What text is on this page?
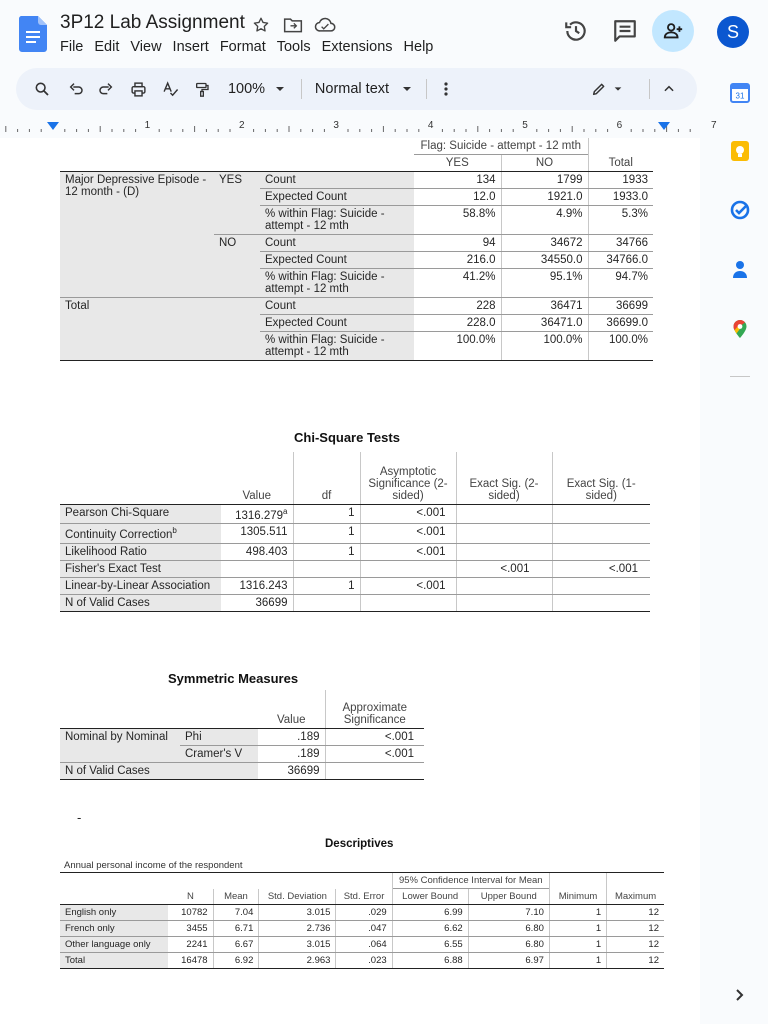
3P12 Lab Assignment
File Edit View Insert Format Tools Extensions Help
S
100%	Normal text
1	2	3	4	5	6	7
31
			Flag: Suicide - attempt - 12 mth		
			YES	NO	Total
Major Depressive Episode - 12 month - (D)	YES	Count	134	1799	1933
		Expected Count	12.0	1921.0	1933.0
		% within Flag: Suicide - attempt - 12 mth	58.8%	4.9%	5.3%
	NO	Count	94	34672	34766
		Expected Count	216.0	34550.0	34766.0
		% within Flag: Suicide - attempt - 12 mth	41.2%	95.1%	94.7%
Total		Count	228	36471	36699
		Expected Count	228.0	36471.0	36699.0
		% within Flag: Suicide - attempt - 12 mth	100.0%	100.0%	100.0%
Chi-Square Tests
	Value	df	Asymptotic Significance (2-sided)	Exact Sig. (2-sided)	Exact Sig. (1-sided)
Pearson Chi-Square	1316.279$^a$	1	<.001		
Continuity Correction$^b$	1305.511	1	<.001		
Likelihood Ratio	498.403	1	<.001		
Fisher's Exact Test				<.001	<.001
Linear-by-Linear Association	1316.243	1	<.001		
N of Valid Cases	36699				
Symmetric Measures
		Value	Approximate Significance
Nominal by Nominal	Phi	.189	<.001
	Cramer's V	.189	<.001
N of Valid Cases		36699	
-
Descriptives
Annual personal income of the respondent
					95% Confidence Interval for Mean			
	N	Mean	Std. Deviation	Std. Error	Lower Bound	Upper Bound	Minimum	Maximum
English only	10782	7.04	3.015	.029	6.99	7.10	1	12
French only	3455	6.71	2.736	.047	6.62	6.80	1	12
Other language only	2241	6.67	3.015	.064	6.55	6.80	1	12
Total	16478	6.92	2.963	.023	6.88	6.97	1	12
